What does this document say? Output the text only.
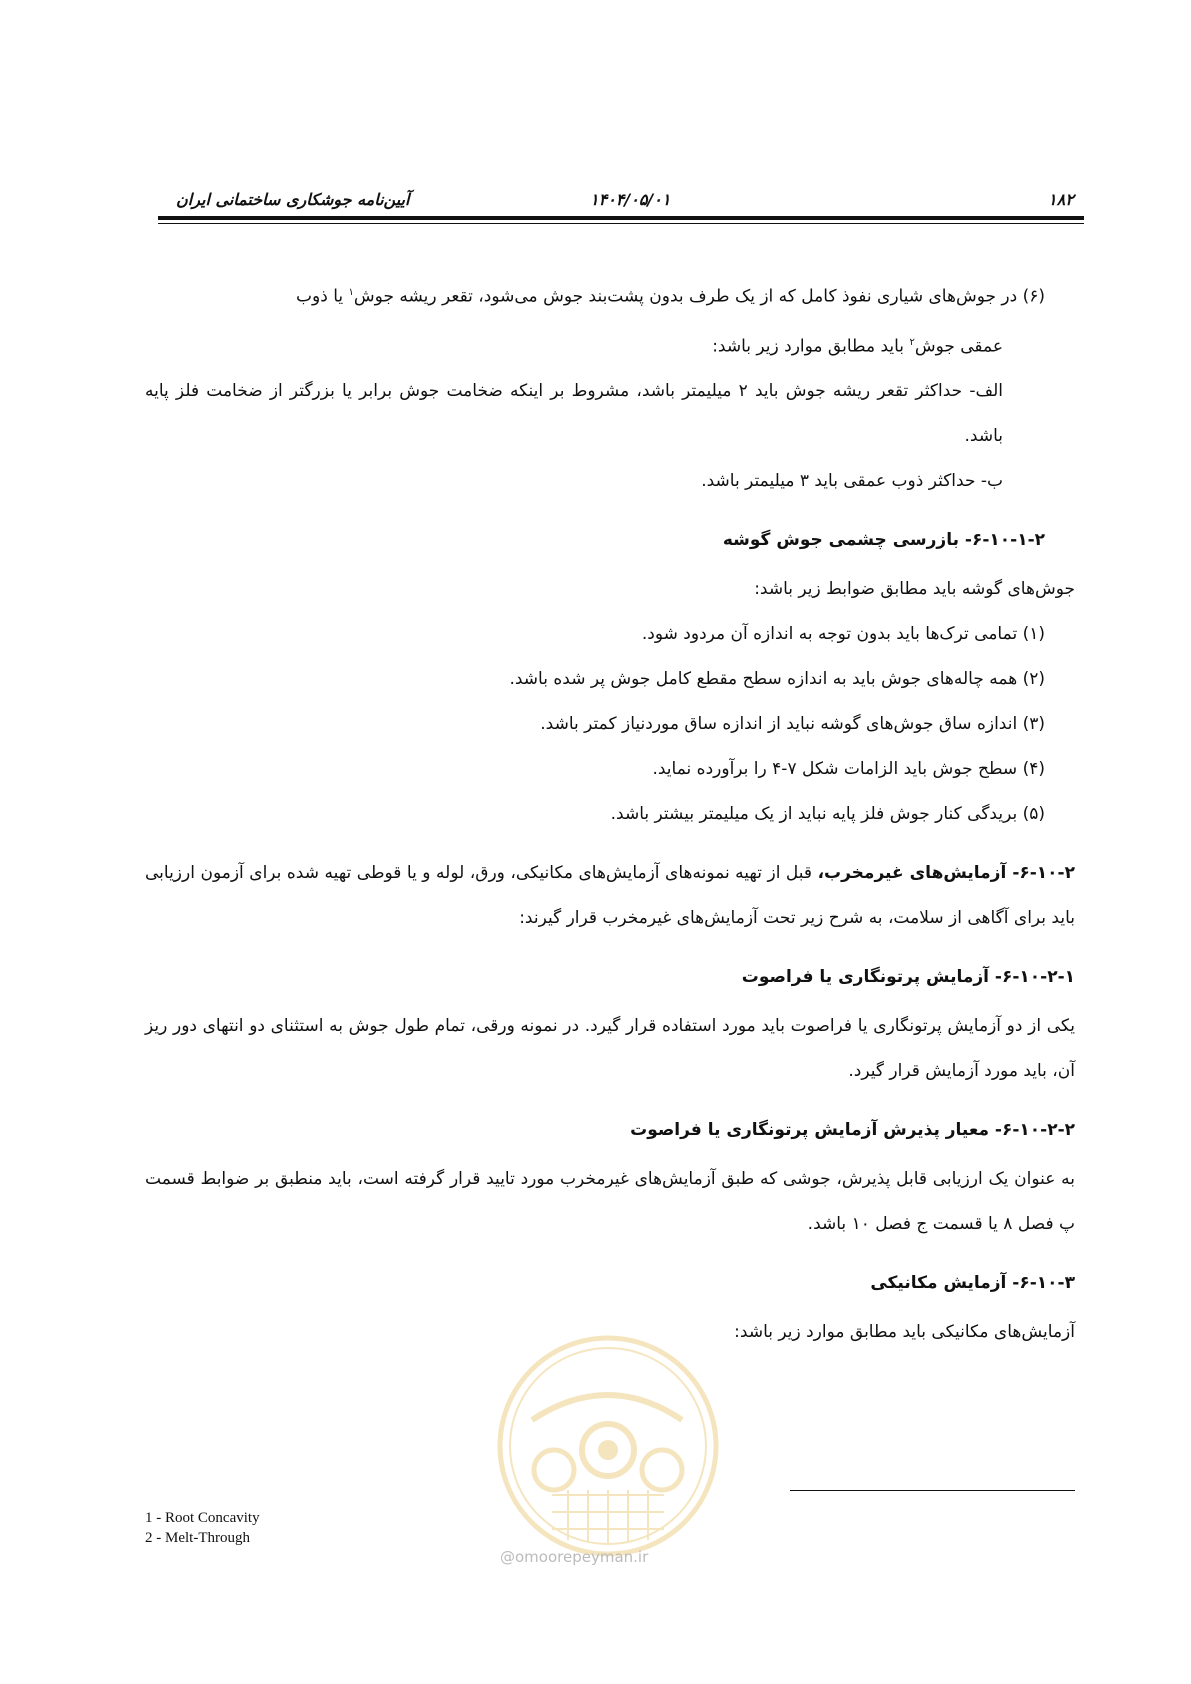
۱۸۲
۱۴۰۴/۰۵/۰۱
آیین‌نامه جوشکاری ساختمانی ایران

(۶) در جوش‌های شیاری نفوذ کامل که از یک طرف بدون پشت‌بند جوش می‌شود، تقعر ریشه جوش$^۱$ یا ذوب

عمقی جوش$^۲$ باید مطابق موارد زیر باشد:

الف- حداکثر تقعر ریشه جوش باید ۲ میلیمتر باشد، مشروط بر اینکه ضخامت جوش برابر یا بزرگتر از ضخامت فلز پایه باشد.

ب- حداکثر ذوب عمقی باید ۳ میلیمتر باشد.

۶-۱۰-۱-۲- بازرسی چشمی جوش گوشه

جوش‌های گوشه باید مطابق ضوابط زیر باشد:

(۱) تمامی ترک‌ها باید بدون توجه به اندازه آن مردود شود.

(۲) همه چاله‌های جوش باید به اندازه سطح مقطع کامل جوش پر شده باشد.

(۳) اندازه ساق جوش‌های گوشه نباید از اندازه ساق موردنیاز کمتر باشد.

(۴) سطح جوش باید الزامات شکل ۷-۴ را برآورده نماید.

(۵) بریدگی کنار جوش فلز پایه نباید از یک میلیمتر بیشتر باشد.

۶-۱۰-۲- آزمایش‌های غیرمخرب، قبل از تهیه نمونه‌های آزمایش‌های مکانیکی، ورق، لوله و یا قوطی تهیه شده برای آزمون ارزیابی باید برای آگاهی از سلامت، به شرح زیر تحت آزمایش‌های غیرمخرب قرار گیرند:

۶-۱۰-۲-۱- آزمایش پرتونگاری یا فراصوت

یکی از دو آزمایش پرتونگاری یا فراصوت باید مورد استفاده قرار گیرد. در نمونه ورقی، تمام طول جوش به استثنای دو انتهای دور ریز آن، باید مورد آزمایش قرار گیرد.

۶-۱۰-۲-۲- معیار پذیرش آزمایش پرتونگاری یا فراصوت

به عنوان یک ارزیابی قابل پذیرش، جوشی که طبق آزمایش‌های غیرمخرب مورد تایید قرار گرفته است، باید منطبق بر ضوابط قسمت پ فصل ۸ یا قسمت ج فصل ۱۰ باشد.

۶-۱۰-۳- آزمایش مکانیکی

آزمایش‌های مکانیکی باید مطابق موارد زیر باشد:

@omoorepeyman.ir
1 - Root Concavity
2 - Melt-Through
